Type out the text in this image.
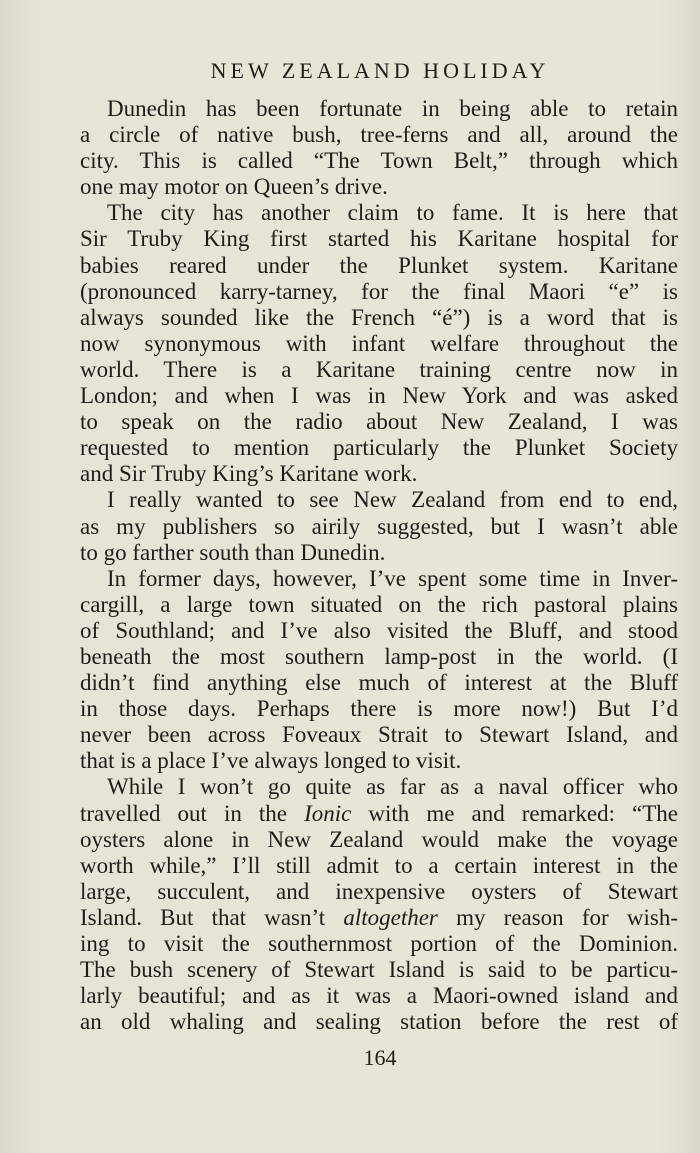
NEW ZEALAND HOLIDAY
Dunedin has been fortunate in being able to retain
a circle of native bush, tree-ferns and all, around the
city. This is called “The Town Belt,” through which
one may motor on Queen’s drive.
The city has another claim to fame. It is here that
Sir Truby King first started his Karitane hospital for
babies reared under the Plunket system. Karitane
(pronounced karry-tarney, for the final Maori “e” is
always sounded like the French “é”) is a word that is
now synonymous with infant welfare throughout the
world. There is a Karitane training centre now in
London; and when I was in New York and was asked
to speak on the radio about New Zealand, I was
requested to mention particularly the Plunket Society
and Sir Truby King’s Karitane work.
I really wanted to see New Zealand from end to end,
as my publishers so airily suggested, but I wasn’t able
to go farther south than Dunedin.
In former days, however, I’ve spent some time in Inver-
cargill, a large town situated on the rich pastoral plains
of Southland; and I’ve also visited the Bluff, and stood
beneath the most southern lamp-post in the world. (I
didn’t find anything else much of interest at the Bluff
in those days. Perhaps there is more now!) But I’d
never been across Foveaux Strait to Stewart Island, and
that is a place I’ve always longed to visit.
While I won’t go quite as far as a naval officer who
travelled out in the Ionic with me and remarked: “The
oysters alone in New Zealand would make the voyage
worth while,” I’ll still admit to a certain interest in the
large, succulent, and inexpensive oysters of Stewart
Island. But that wasn’t altogether my reason for wish-
ing to visit the southernmost portion of the Dominion.
The bush scenery of Stewart Island is said to be particu-
larly beautiful; and as it was a Maori-owned island and
an old whaling and sealing station before the rest of
164
